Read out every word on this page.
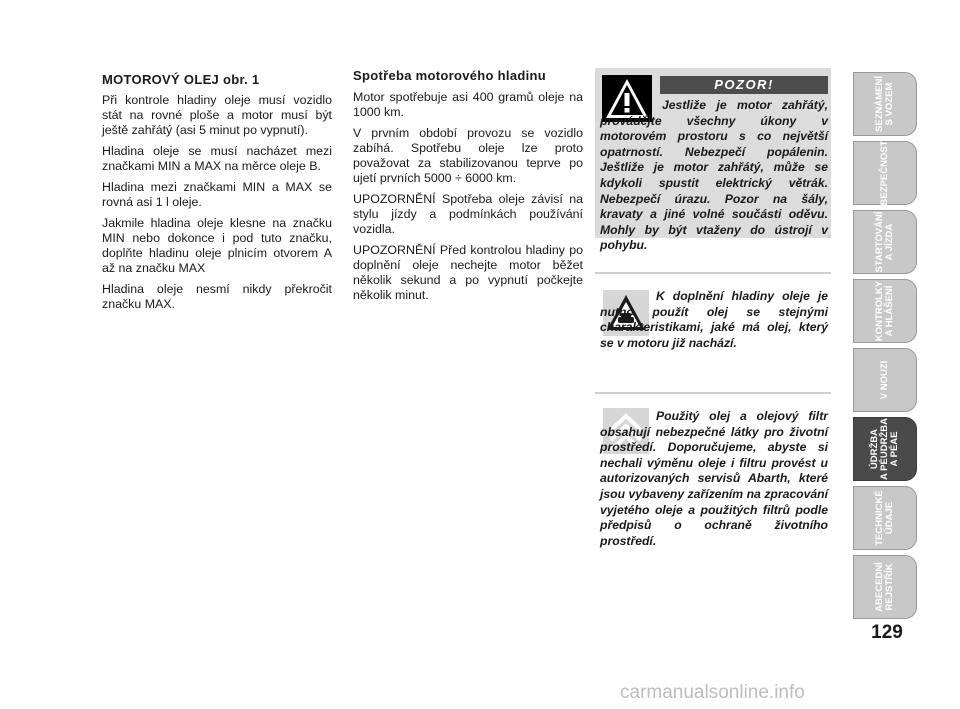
MOTOROVÝ OLEJ obr. 1

Při kontrole hladiny oleje musí vozidlo stát na rovné ploše a motor musí být ještě zahřátý (asi 5 minut po vypnutí).

Hladina oleje se musí nacházet mezi značkami MIN a MAX na měrce oleje B.

Hladina mezi značkami MIN a MAX se rovná asi 1 l oleje.

Jakmile hladina oleje klesne na značku MIN nebo dokonce i pod tuto značku, doplňte hladinu oleje plnicím otvorem A až na značku MAX

Hladina oleje nesmí nikdy překročit značku MAX.

Spotřeba motorového hladinu

Motor spotřebuje asi 400 gramů oleje na 1000 km.

V prvním období provozu se vozidlo zabíhá. Spotřebu oleje lze proto považovat za stabilizovanou teprve po ujetí prvních 5000 ÷ 6000 km.

UPOZORNĚNÍ Spotřeba oleje závisí na stylu jízdy a podmínkách používání vozidla.

UPOZORNĚNÍ Před kontrolou hladiny po doplnění oleje nechejte motor běžet několik sekund a po vypnutí počkejte několik minut.

POZOR!
Jestliže je motor zahřátý, provádějte všechny úkony v motorovém prostoru s co největší opatrností. Nebezpečí popálenin. Ještliže je motor zahřátý, může se kdykoli spustit elektrický větrák. Nebezpečí úrazu. Pozor na šály, kravaty a jiné volné součásti oděvu. Mohly by být vtaženy do ústrojí v pohybu.
K doplnění hladiny oleje je nutno použít olej se stejnými charakteristikami, jaké má olej, který se v motoru již nachází.
Použitý olej a olejový filtr obsahují nebezpečné látky pro životní prostředí. Doporučujeme, abyste si nechali výměnu oleje i filtru provést u autorizovaných servisů Abarth, které jsou vybaveny zařízením na zpracování vyjetého oleje a použitých filtrů podle předpisů o ochraně životního prostředí.
SEZNÁMENÍ
S VOZEM
BEZPEČNOST
STARTOVÁNÍ
A JÍZDA
KONTROLKY
A HLÁŠENÍ
V NOUZI
ÚDRŽBA
A PÉUDRŽBA
A PÉAE
TECHNICKÉ
ÚDAJE
ABECEDNÍ
REJSTŘÍK
129
carmanualsonline.info
